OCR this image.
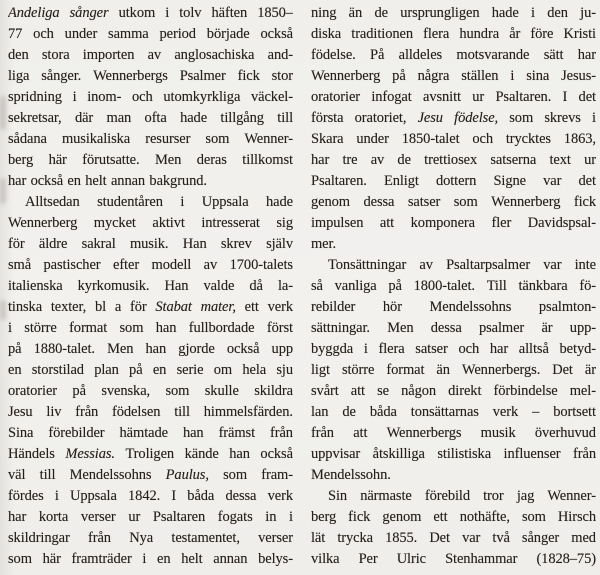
Andeliga sånger utkom i tolv häften 1850–
77 och under samma period började också
den stora importen av anglosachiska and-
liga sånger. Wennerbergs Psalmer fick stor
spridning i inom- och utomkyrkliga väckel-
sekretsar, där man ofta hade tillgång till
sådana musikaliska resurser som Wenner-
berg här förutsatte. Men deras tillkomst
har också en helt annan bakgrund.
Alltsedan studentåren i Uppsala hade
Wennerberg mycket aktivt intresserat sig
för äldre sakral musik. Han skrev själv
små pastischer efter modell av 1700-talets
italienska kyrkomusik. Han valde då la-
tinska texter, bl a för Stabat mater, ett verk
i större format som han fullbordade först
på 1880-talet. Men han gjorde också upp
en storstilad plan på en serie om hela sju
oratorier på svenska, som skulle skildra
Jesu liv från födelsen till himmelsfärden.
Sina förebilder hämtade han främst från
Händels Messias. Troligen kände han också
väl till Mendelssohns Paulus, som fram-
fördes i Uppsala 1842. I båda dessa verk
har korta verser ur Psaltaren fogats in i
skildringar från Nya testamentet, verser
som här framträder i en helt annan belys-
ning än de ursprungligen hade i den ju-
diska traditionen flera hundra år före Kristi
födelse. På alldeles motsvarande sätt har
Wennerberg på några ställen i sina Jesus-
oratorier infogat avsnitt ur Psaltaren. I det
första oratoriet, Jesu födelse, som skrevs i
Skara under 1850-talet och trycktes 1863,
har tre av de trettiosex satserna text ur
Psaltaren. Enligt dottern Signe var det
genom dessa satser som Wennerberg fick
impulsen att komponera fler Davidspsal-
mer.
Tonsättningar av Psaltarpsalmer var inte
så vanliga på 1800-talet. Till tänkbara fö-
rebilder hör Mendelssohns psalmton-
sättningar. Men dessa psalmer är upp-
byggda i flera satser och har alltså betyd-
ligt större format än Wennerbergs. Det är
svårt att se någon direkt förbindelse mel-
lan de båda tonsättarnas verk – bortsett
från att Wennerbergs musik överhuvud
uppvisar åtskilliga stilistiska influenser från
Mendelssohn.
Sin närmaste förebild tror jag Wenner-
berg fick genom ett nothäfte, som Hirsch
lät trycka 1855. Det var två sånger med
vilka Per Ulric Stenhammar (1828–75)
